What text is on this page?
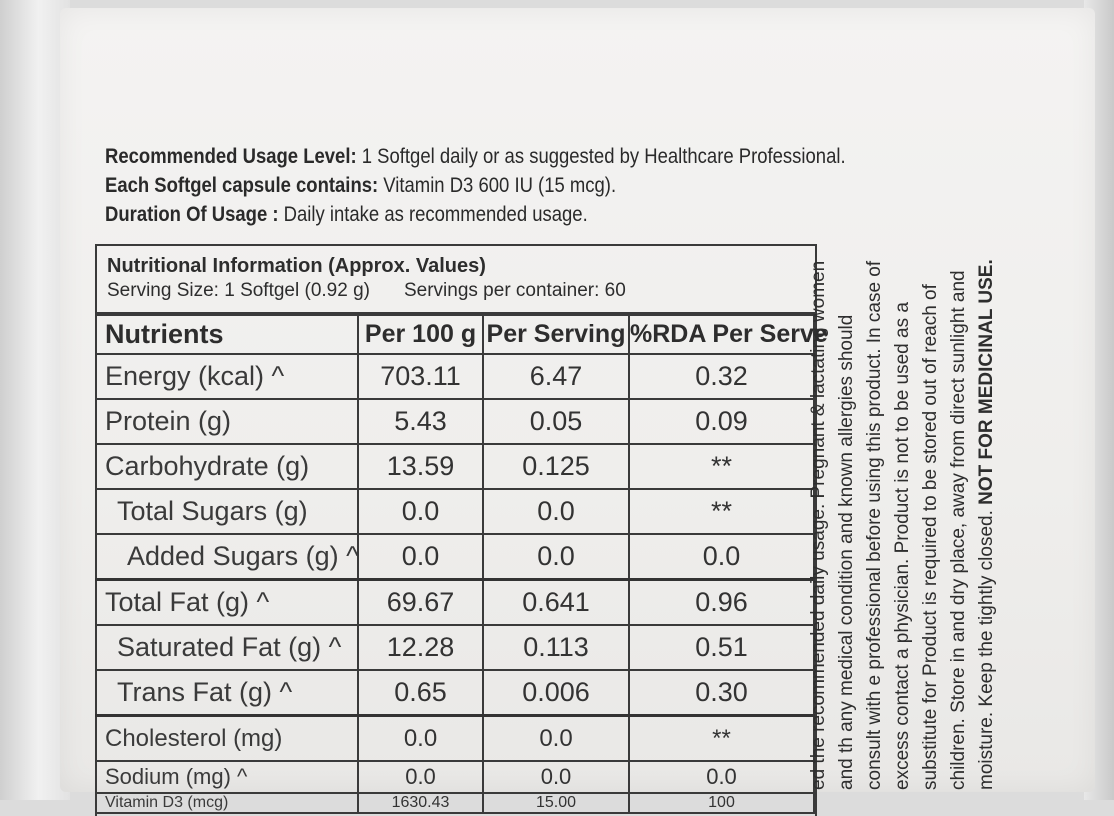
Recommended Usage Level: 1 Softgel daily or as suggested by Healthcare Professional.
Each Softgel capsule contains: Vitamin D3 600 IU (15 mcg).
Duration Of Usage : Daily intake as recommended usage.
Nutritional Information (Approx. Values)
Serving Size: 1 Softgel (0.92 g) Servings per container: 60
Nutrients	Per 100 g	Per Serving	%RDA Per Serve
Energy (kcal) ^	703.11	6.47	0.32
Protein (g)	5.43	0.05	0.09
Carbohydrate (g)	13.59	0.125	**
Total Sugars (g)	0.0	0.0	**
Added Sugars (g) ^	0.0	0.0	0.0
Total Fat (g) ^	69.67	0.641	0.96
Saturated Fat (g) ^	12.28	0.113	0.51
Trans Fat (g) ^	0.65	0.006	0.30
Cholesterol (mg)	0.0	0.0	**
Sodium (mg) ^	0.0	0.0	0.0
Vitamin D3 (mcg)	1630.43	15.00	100
ed the recommended daily usage. Pregnant & lactating women and th any medical condition and known allergies should consult with e professional before using this product. In case of excess contact a physician. Product is not to be used as a substitute for Product is required to be stored out of reach of children. Store in and dry place, away from direct sunlight and moisture. Keep the tightly closed. NOT FOR MEDICINAL USE.
